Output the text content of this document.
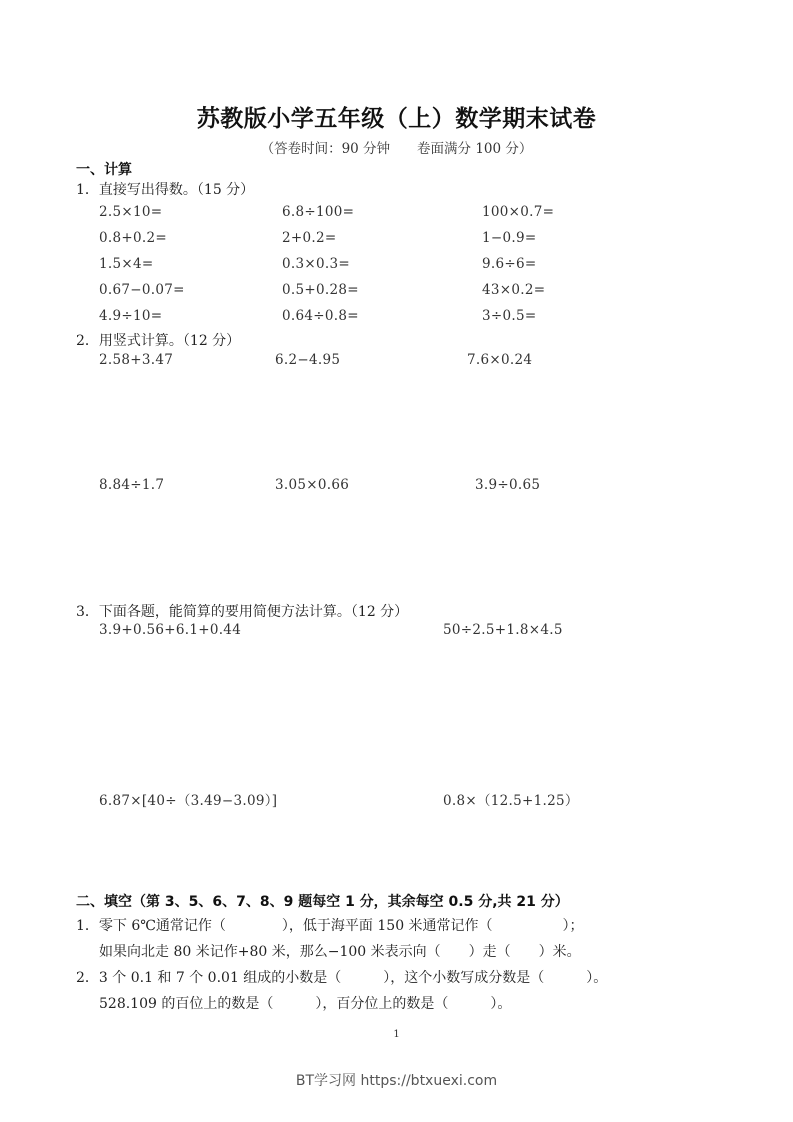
苏教版小学五年级（上）数学期末试卷
（答卷时间：90 分钟　　卷面满分 100 分）
一、计算
1．直接写出得数。（15 分）
2.5×10=	6.8÷100=	100×0.7=
0.8+0.2=	2+0.2=	1−0.9=
1.5×4=	0.3×0.3=	9.6÷6=
0.67−0.07=	0.5+0.28=	43×0.2=
4.9÷10=	0.64÷0.8=	3÷0.5=
2．用竖式计算。（12 分）
2.58+3.47	6.2−4.95	7.6×0.24
8.84÷1.7	3.05×0.66	3.9÷0.65
3．下面各题，能简算的要用简便方法计算。（12 分）
3.9+0.56+6.1+0.44	50÷2.5+1.8×4.5
6.87×[40÷（3.49−3.09）]	0.8×（12.5+1.25）
二、填空（第 3、5、6、7、8、9 题每空 1 分，其余每空 0.5 分,共 21 分）
1．零下 6℃通常记作（　　　　），低于海平面 150 米通常记作（　　　　　）；
如果向北走 80 米记作+80 米，那么−100 米表示向（　　）走（　　）米。
2．3 个 0.1 和 7 个 0.01 组成的小数是（　　　），这个小数写成分数是（　　　）。
528.109 的百位上的数是（　　　），百分位上的数是（　　　）。
1
BT学习网 https://btxuexi.com
